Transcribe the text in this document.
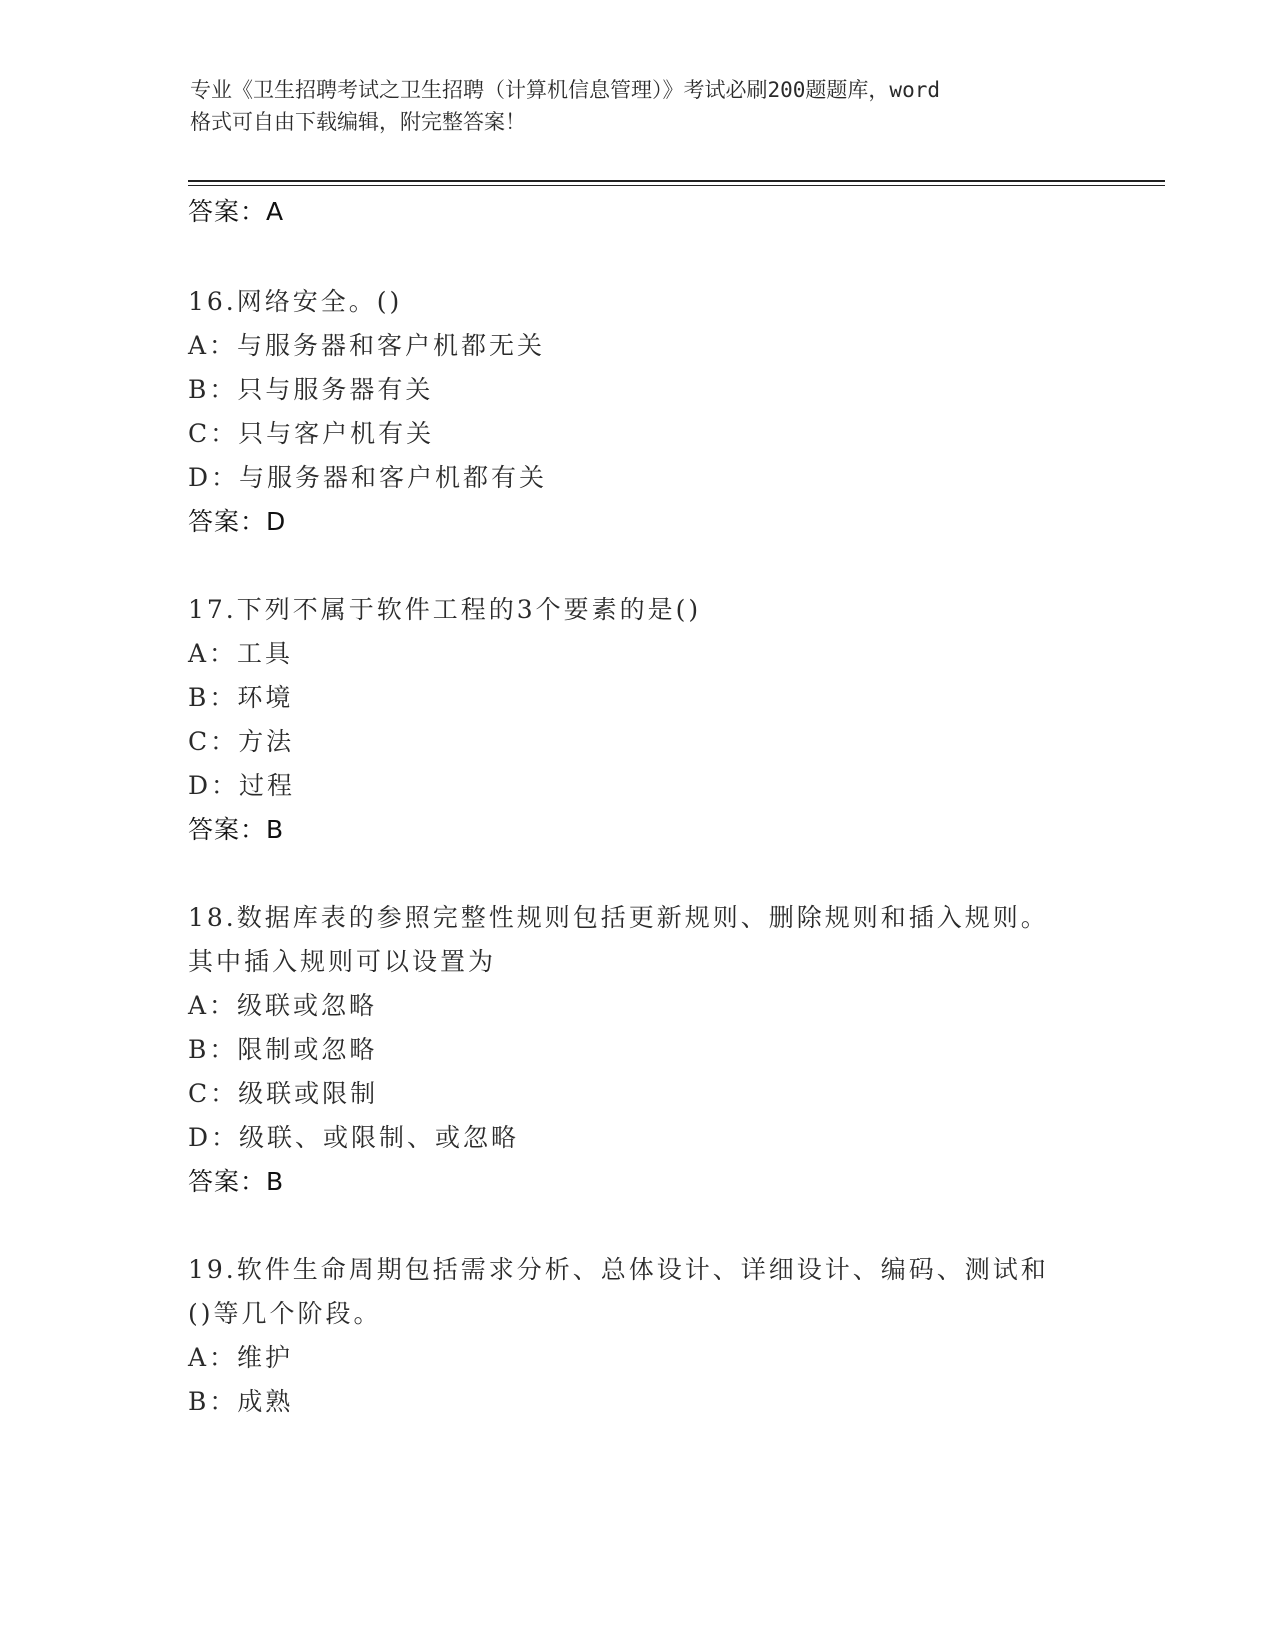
专业《卫生招聘考试之卫生招聘（计算机信息管理）》考试必刷200题题库，word
格式可自由下载编辑，附完整答案！
答案：A
16.网络安全。()
A：与服务器和客户机都无关
B：只与服务器有关
C：只与客户机有关
D：与服务器和客户机都有关
答案：D
17.下列不属于软件工程的3个要素的是()
A：工具
B：环境
C：方法
D：过程
答案：B
18.数据库表的参照完整性规则包括更新规则、删除规则和插入规则。
其中插入规则可以设置为
A：级联或忽略
B：限制或忽略
C：级联或限制
D：级联、或限制、或忽略
答案：B
19.软件生命周期包括需求分析、总体设计、详细设计、编码、测试和
()等几个阶段。
A：维护
B：成熟
